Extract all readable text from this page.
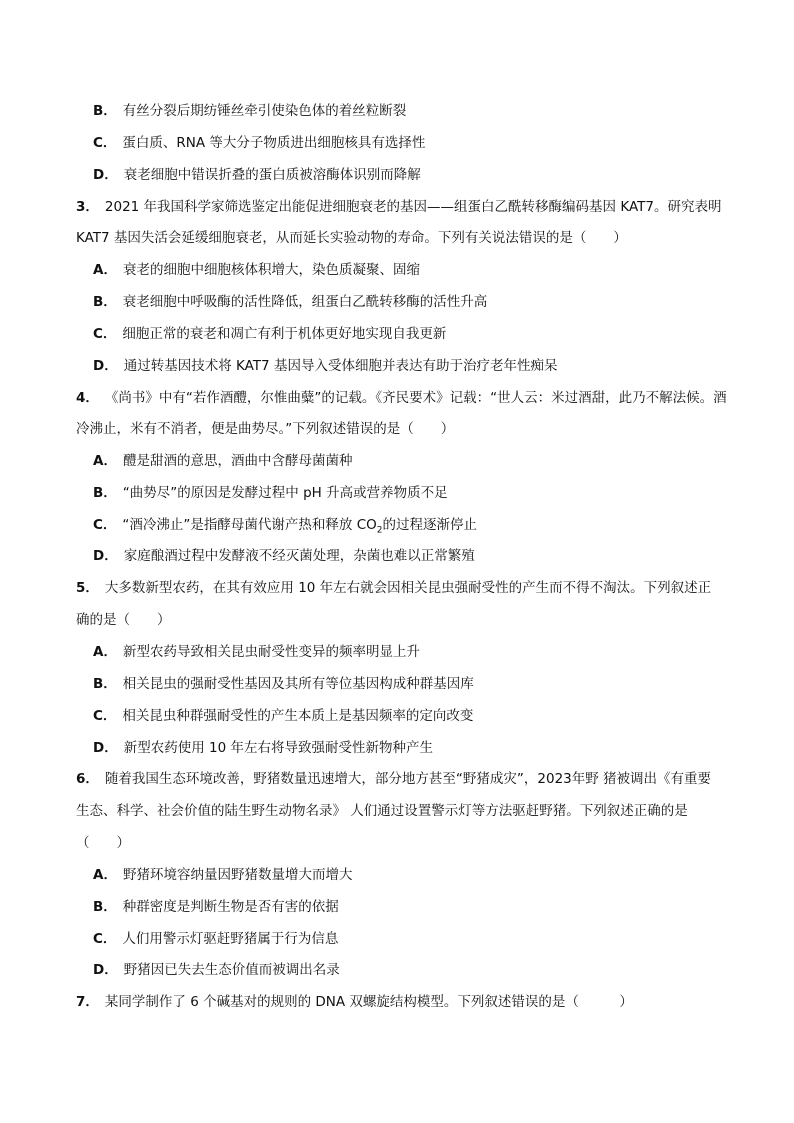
B． 有丝分裂后期纺锤丝牵引使染色体的着丝粒断裂
C． 蛋白质、RNA 等大分子物质进出细胞核具有选择性
D． 衰老细胞中错误折叠的蛋白质被溶酶体识别而降解
3． 2021 年我国科学家筛选鉴定出能促进细胞衰老的基因——组蛋白乙酰转移酶编码基因 KAT7。研究表明
KAT7 基因失活会延缓细胞衰老，从而延长实验动物的寿命。下列有关说法错误的是（　　）
A． 衰老的细胞中细胞核体积增大，染色质凝聚、固缩
B． 衰老细胞中呼吸酶的活性降低，组蛋白乙酰转移酶的活性升高
C． 细胞正常的衰老和凋亡有利于机体更好地实现自我更新
D． 通过转基因技术将 KAT7 基因导入受体细胞并表达有助于治疗老年性痴呆
4． 《尚书》中有“若作酒醴，尔惟曲糵”的记载。《齐民要术》记载：“世人云：米过酒甜，此乃不解法候。酒
冷沸止，米有不消者，便是曲势尽。”下列叙述错误的是（　　）
A． 醴是甜酒的意思，酒曲中含酵母菌菌种
B． “曲势尽”的原因是发酵过程中 pH 升高或营养物质不足
C． “酒冷沸止”是指酵母菌代谢产热和释放 $CO_2$的过程逐渐停止
D． 家庭酿酒过程中发酵液不经灭菌处理，杂菌也难以正常繁殖
5． 大多数新型农药，在其有效应用 10 年左右就会因相关昆虫强耐受性的产生而不得不淘汰。下列叙述正
确的是（　　）
A． 新型农药导致相关昆虫耐受性变异的频率明显上升
B． 相关昆虫的强耐受性基因及其所有等位基因构成种群基因库
C． 相关昆虫种群强耐受性的产生本质上是基因频率的定向改变
D． 新型农药使用 10 年左右将导致强耐受性新物种产生
6． 随着我国生态环境改善，野猪数量迅速增大，部分地方甚至“野猪成灾”，2023年野 猪被调出《有重要
生态、科学、社会价值的陆生野生动物名录》 人们通过设置警示灯等方法驱赶野猪。下列叙述正确的是
（　　）
A． 野猪环境容纳量因野猪数量增大而增大
B． 种群密度是判断生物是否有害的依据
C． 人们用警示灯驱赶野猪属于行为信息
D． 野猪因已失去生态价值而被调出名录
7． 某同学制作了 6 个碱基对的规则的 DNA 双螺旋结构模型。下列叙述错误的是（　　　）
